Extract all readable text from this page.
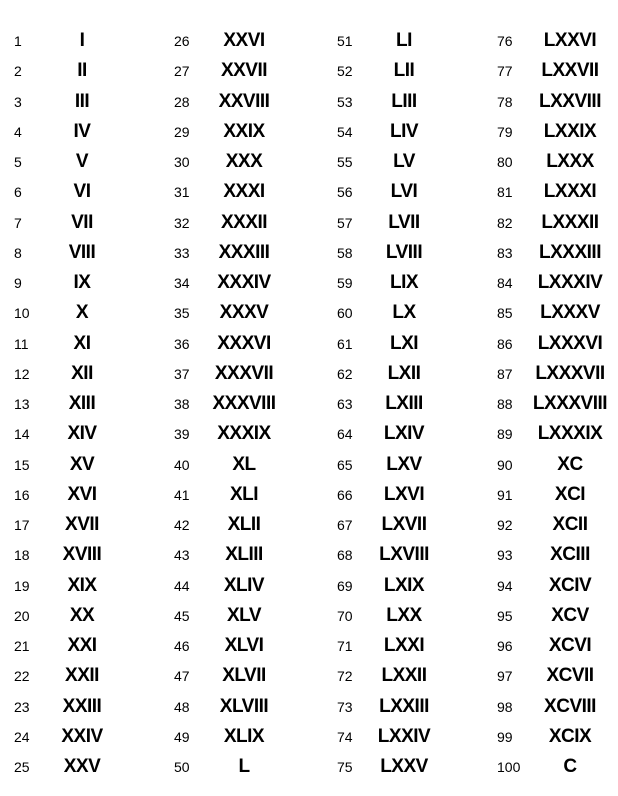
1	I
2	II
3	III
4	IV
5	V
6	VI
7	VII
8	VIII
9	IX
10	X
11	XI
12	XII
13	XIII
14	XIV
15	XV
16	XVI
17	XVII
18	XVIII
19	XIX
20	XX
21	XXI
22	XXII
23	XXIII
24	XXIV
25	XXV
26	XXVI
27	XXVII
28	XXVIII
29	XXIX
30	XXX
31	XXXI
32	XXXII
33	XXXIII
34	XXXIV
35	XXXV
36	XXXVI
37	XXXVII
38 XXXVIII
39	XXXIX
40	XL
41	XLI
42	XLII
43	XLIII
44	XLIV
45	XLV
46	XLVI
47	XLVII
48	XLVIII
49	XLIX
50	L
51	LI
52	LII
53	LIII
54	LIV
55	LV
56	LVI
57	LVII
58	LVIII
59	LIX
60	LX
61	LXI
62	LXII
63	LXIII
64	LXIV
65	LXV
66	LXVI
67	LXVII
68	LXVIII
69	LXIX
70	LXX
71	LXXI
72	LXXII
73	LXXIII
74	LXXIV
75	LXXV
76	LXXVI
77	LXXVII
78	LXXVIII
79	LXXIX
80	LXXX
81	LXXXI
82	LXXXII
83	LXXXIII
84	LXXXIV
85	LXXXV
86	LXXXVI
87	LXXXVII
88	LXXXVIII
89	LXXXIX
90	XC
91	XCI
92	XCII
93	XCIII
94	XCIV
95	XCV
96	XCVI
97	XCVII
98	XCVIII
99	XCIX
100	C
